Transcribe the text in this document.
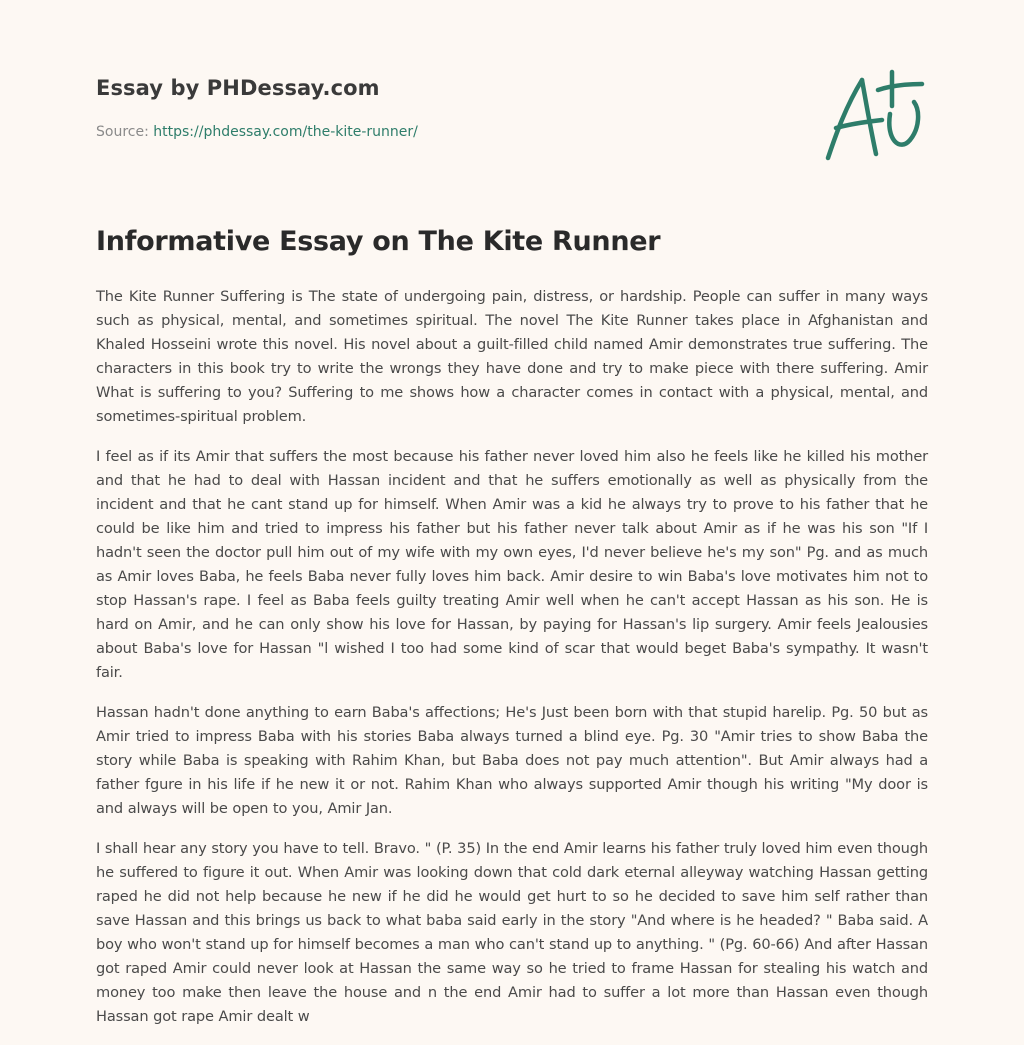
Essay by PHDessay.com

Source: https://phdessay.com/the-kite-runner/

Informative Essay on The Kite Runner

The Kite Runner Suffering is The state of undergoing pain, distress, or hardship. People can suffer in many ways such as physical, mental, and sometimes spiritual. The novel The Kite Runner takes place in Afghanistan and Khaled Hosseini wrote this novel. His novel about a guilt-filled child named Amir demonstrates true suffering. The characters in this book try to write the wrongs they have done and try to make piece with there suffering. Amir What is suffering to you? Suffering to me shows how a character comes in contact with a physical, mental, and sometimes-spiritual problem.

I feel as if its Amir that suffers the most because his father never loved him also he feels like he killed his mother and that he had to deal with Hassan incident and that he suffers emotionally as well as physically from the incident and that he cant stand up for himself. When Amir was a kid he always try to prove to his father that he could be like him and tried to impress his father but his father never talk about Amir as if he was his son "If I hadn't seen the doctor pull him out of my wife with my own eyes, I'd never believe he's my son" Pg. and as much as Amir loves Baba, he feels Baba never fully loves him back. Amir desire to win Baba's love motivates him not to stop Hassan's rape. I feel as Baba feels guilty treating Amir well when he can't accept Hassan as his son. He is hard on Amir, and he can only show his love for Hassan, by paying for Hassan's lip surgery. Amir feels Jealousies about Baba's love for Hassan "l wished I too had some kind of scar that would beget Baba's sympathy. It wasn't fair.

Hassan hadn't done anything to earn Baba's affections; He's Just been born with that stupid harelip. Pg. 50 but as Amir tried to impress Baba with his stories Baba always turned a blind eye. Pg. 30 "Amir tries to show Baba the story while Baba is speaking with Rahim Khan, but Baba does not pay much attention". But Amir always had a father fgure in his life if he new it or not. Rahim Khan who always supported Amir though his writing "My door is and always will be open to you, Amir Jan.

I shall hear any story you have to tell. Bravo. " (P. 35) In the end Amir learns his father truly loved him even though he suffered to figure it out. When Amir was looking down that cold dark eternal alleyway watching Hassan getting raped he did not help because he new if he did he would get hurt to so he decided to save him self rather than save Hassan and this brings us back to what baba said early in the story "And where is he headed? " Baba said. A boy who won't stand up for himself becomes a man who can't stand up to anything. " (Pg. 60-66) And after Hassan got raped Amir could never look at Hassan the same way so he tried to frame Hassan for stealing his watch and money too make then leave the house and n the end Amir had to suffer a lot more than Hassan even though Hassan got rape Amir dealt w
